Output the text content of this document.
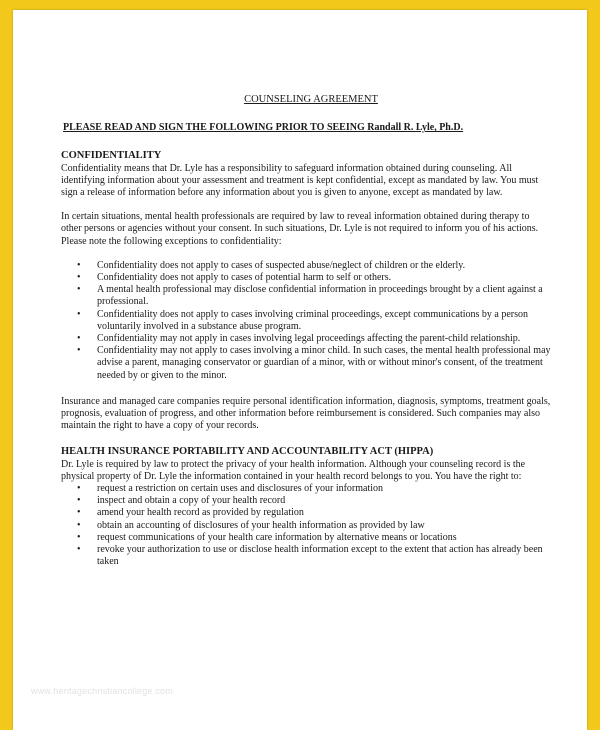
COUNSELING AGREEMENT
PLEASE READ AND SIGN THE FOLLOWING PRIOR TO SEEING Randall R. Lyle, Ph.D.
CONFIDENTIALITY

Confidentiality means that Dr. Lyle has a responsibility to safeguard information obtained during counseling. All identifying information about your assessment and treatment is kept confidential, except as mandated by law. You must sign a release of information before any information about you is given to anyone, except as mandated by law.

In certain situations, mental health professionals are required by law to reveal information obtained during therapy to other persons or agencies without your consent. In such situations, Dr. Lyle is not required to inform you of his actions. Please note the following exceptions to confidentiality:

• Confidentiality does not apply to cases of suspected abuse/neglect of children or the elderly.
• Confidentiality does not apply to cases of potential harm to self or others.
• A mental health professional may disclose confidential information in proceedings brought by a client against a professional.
• Confidentiality does not apply to cases involving criminal proceedings, except communications by a person voluntarily involved in a substance abuse program.
• Confidentiality may not apply in cases involving legal proceedings affecting the parent-child relationship.
• Confidentiality may not apply to cases involving a minor child. In such cases, the mental health professional may advise a parent, managing conservator or guardian of a minor, with or without minor's consent, of the treatment needed by or given to the minor.

Insurance and managed care companies require personal identification information, diagnosis, symptoms, treatment goals, prognosis, evaluation of progress, and other information before reimbursement is considered. Such companies may also maintain the right to have a copy of your records.

HEALTH INSURANCE PORTABILITY AND ACCOUNTABILITY ACT (HIPPA)

Dr. Lyle is required by law to protect the privacy of your health information. Although your counseling record is the physical property of Dr. Lyle the information contained in your health record belongs to you. You have the right to:

• request a restriction on certain uses and disclosures of your information
• inspect and obtain a copy of your health record
• amend your health record as provided by regulation
• obtain an accounting of disclosures of your health information as provided by law
• request communications of your health care information by alternative means or locations
• revoke your authorization to use or disclose health information except to the extent that action has already been taken
www.heritagechristiancollege.com
